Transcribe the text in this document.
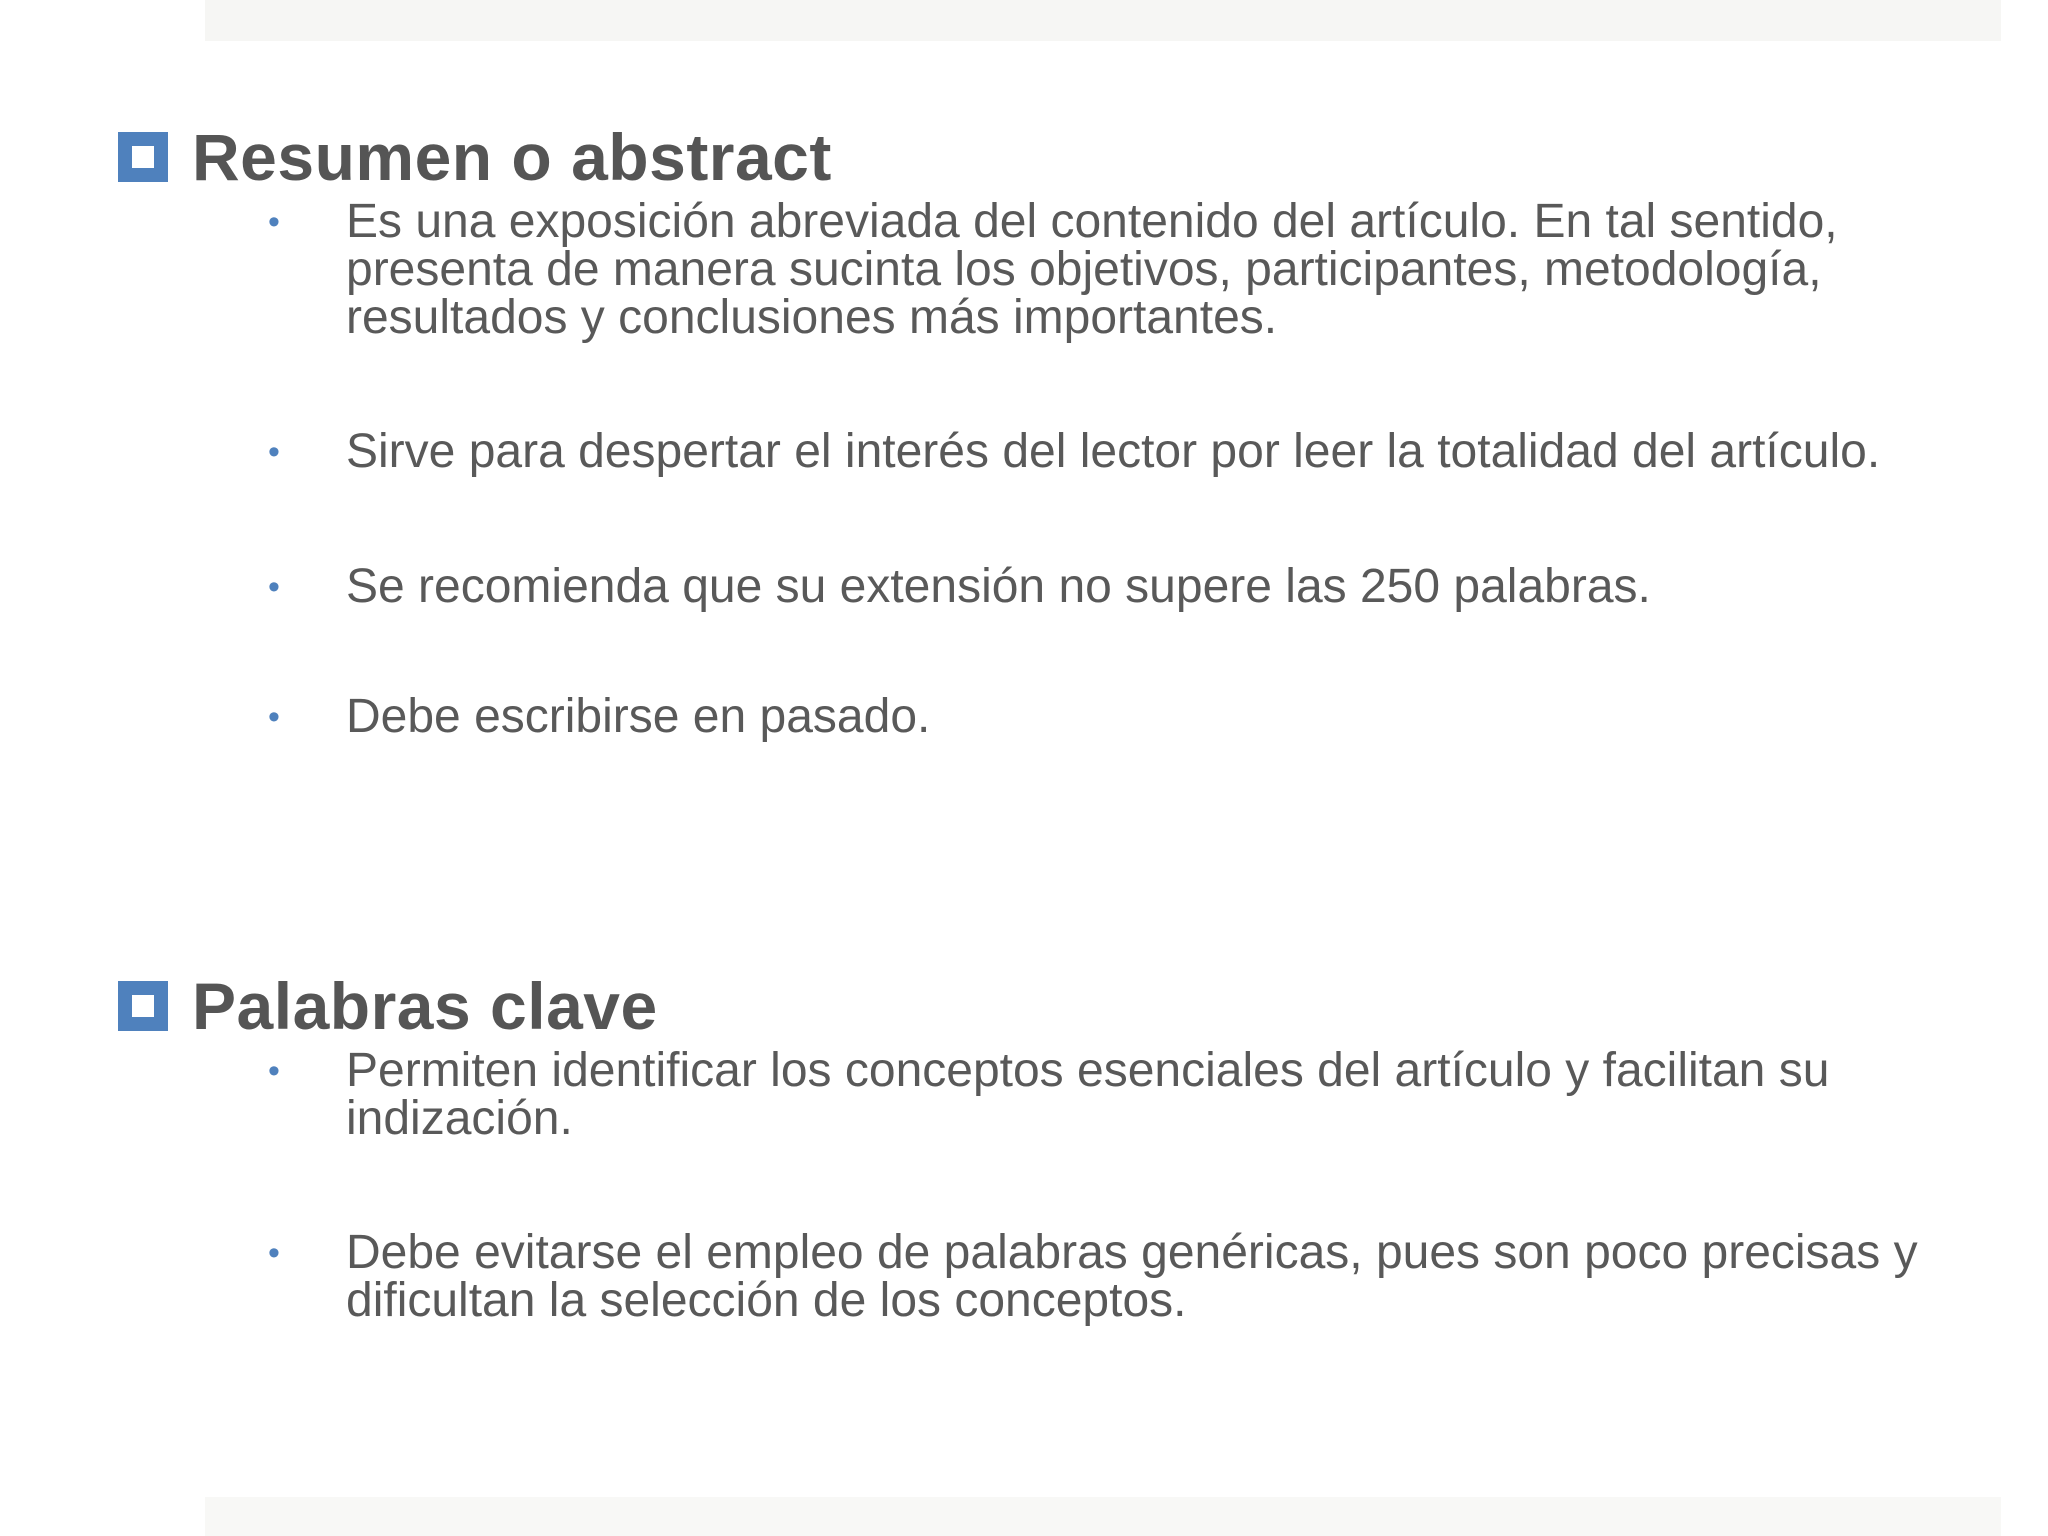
Resumen o abstract
• Es una exposición abreviada del contenido del artículo. En tal sentido, presenta de manera sucinta los objetivos, participantes, metodología, resultados y conclusiones más importantes.
• Sirve para despertar el interés del lector por leer la totalidad del artículo.
• Se recomienda que su extensión no supere las 250 palabras.
• Debe escribirse en pasado.
Palabras clave
• Permiten identificar los conceptos esenciales del artículo y facilitan su indización.
• Debe evitarse el empleo de palabras genéricas, pues son poco precisas y dificultan la selección de los conceptos.
